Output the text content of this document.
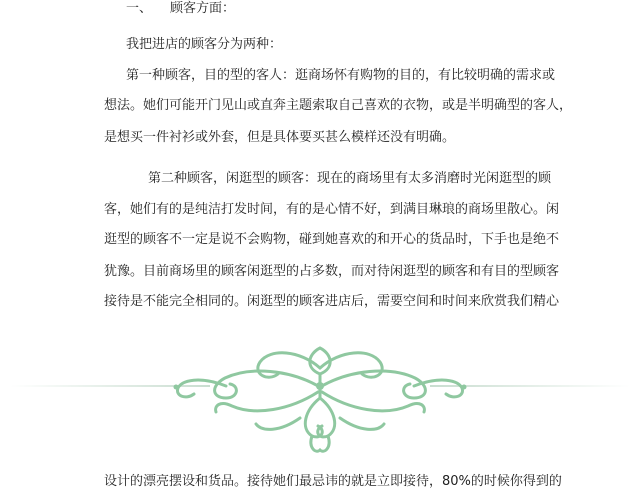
一、 顾客方面：
我把进店的顾客分为两种：
第一种顾客，目的型的客人：逛商场怀有购物的目的，有比较明确的需求或
想法。她们可能开门见山或直奔主题索取自己喜欢的衣物，或是半明确型的客人，
是想买一件衬衫或外套，但是具体要买甚么模样还没有明确。
第二种顾客，闲逛型的顾客：现在的商场里有太多消磨时光闲逛型的顾
客，她们有的是纯洁打发时间，有的是心情不好，到满目琳琅的商场里散心。闲
逛型的顾客不一定是说不会购物，碰到她喜欢的和开心的货品时，下手也是绝不
犹豫。目前商场里的顾客闲逛型的占多数，而对待闲逛型的顾客和有目的型顾客
接待是不能完全相同的。闲逛型的顾客进店后，需要空间和时间来欣赏我们精心
设计的漂亮摆设和货品。接待她们最忌讳的就是立即接待，80%的时候你得到的
